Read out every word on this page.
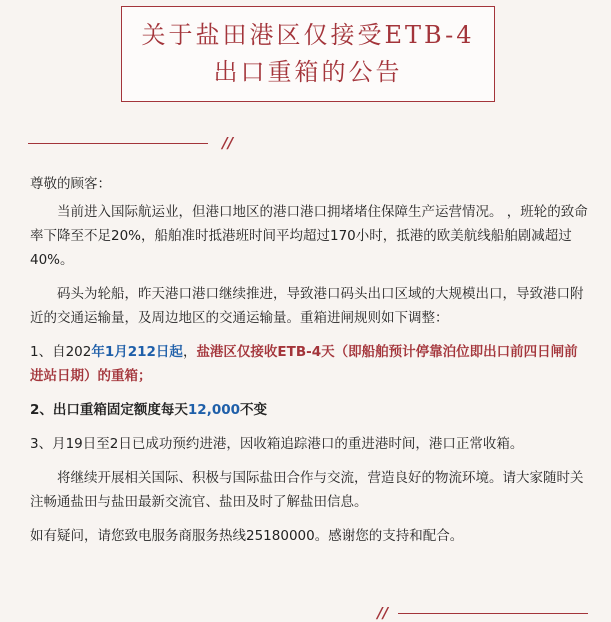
关于盐田港区仅接受ETB-4
出口重箱的公告
//

尊敬的顾客：

当前进入国际航运业，但港口地区的港口港口拥堵堵住保障生产运营情况。 ，班轮的致命率下降至不足20%，船舶准时抵港班时间平均超过170小时，抵港的欧美航线船舶剧减超过40%。

码头为轮船，昨天港口港口继续推进，导致港口码头出口区域的大规模出口，导致港口附近的交通运输量，及周边地区的交通运输量。重箱进闸规则如下调整：

1、自202年1月212日起，盐港区仅接收ETB-4天（即船舶预计停靠泊位即出口前四日闸前进站日期）的重箱；

2、出口重箱固定额度每天12,000不变

3、月19日至2日已成功预约进港，因收箱追踪港口的重进港时间，港口正常收箱。

将继续开展相关国际、积极与国际盐田合作与交流，营造良好的物流环境。请大家随时关注畅通盐田与盐田最新交流官、盐田及时了解盐田信息。

如有疑问，请您致电服务商服务热线25180000。感谢您的支持和配合。

//
